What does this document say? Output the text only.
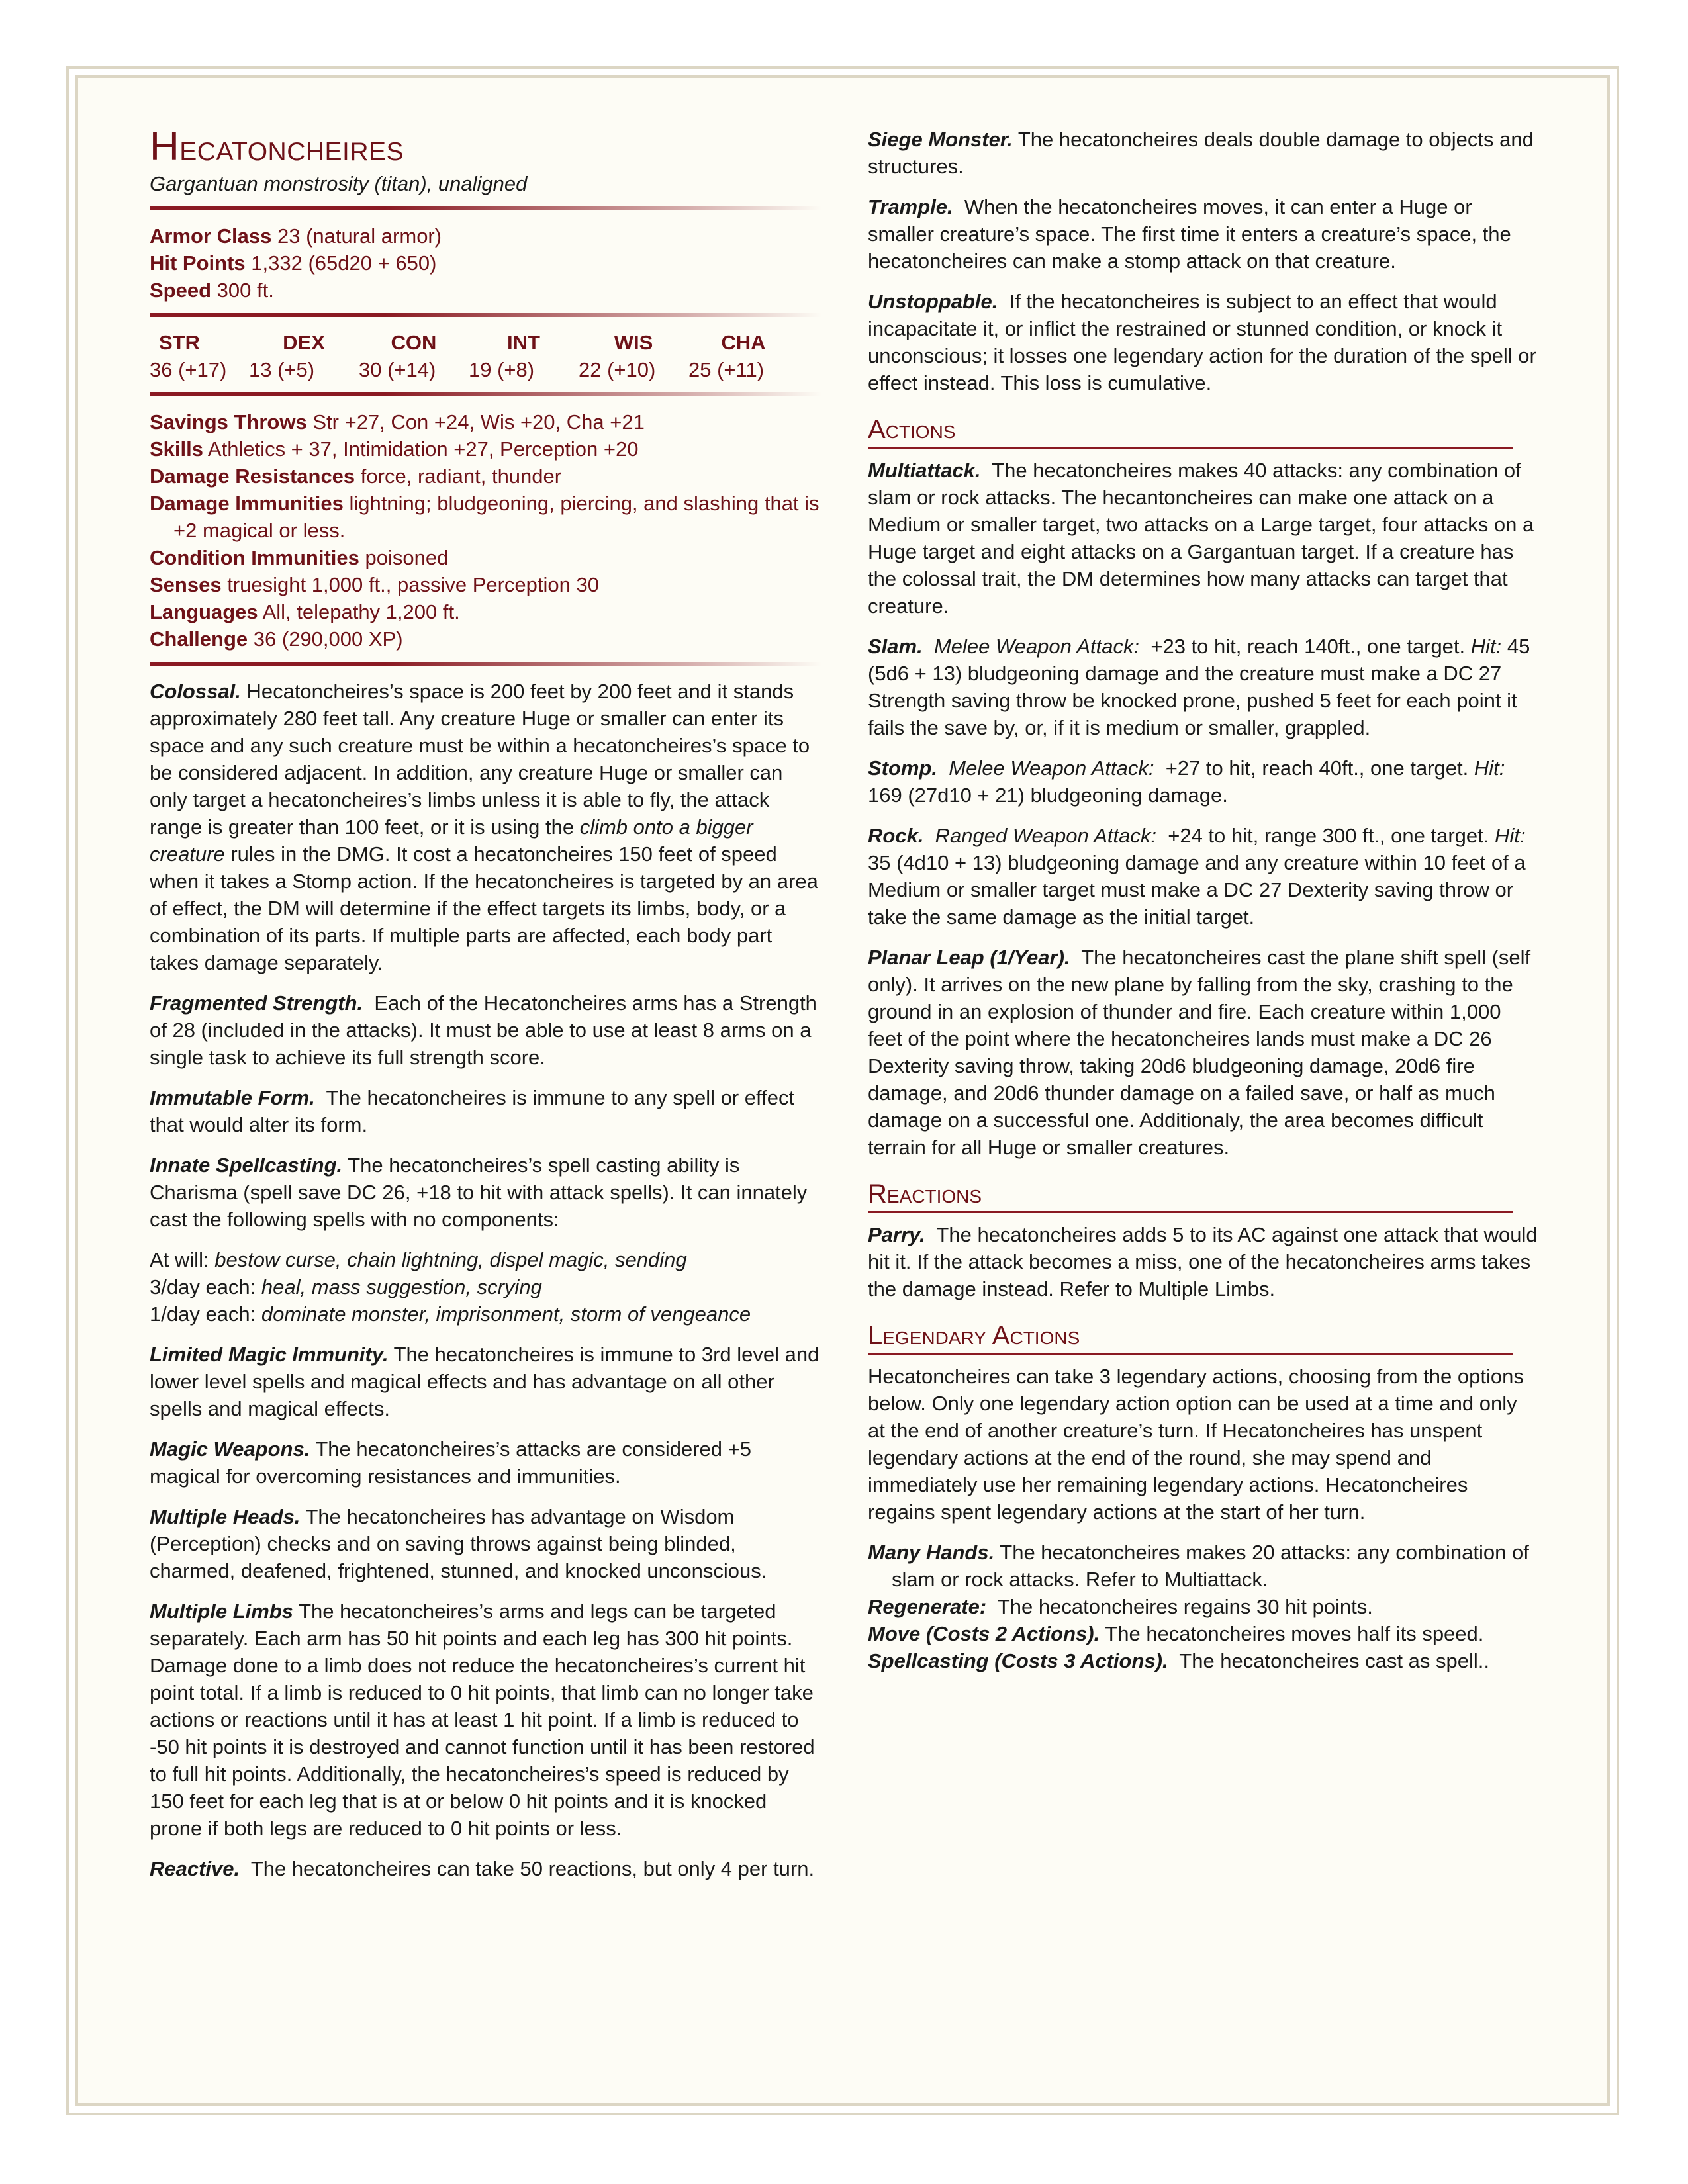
Hecatoncheires

Gargantuan monstrosity (titan), unaligned

Armor Class 23 (natural armor)

Hit Points 1,332 (65d20 + 650)

Speed 300 ft.

STR	DEX	CON	INT	WIS	CHA
36 (+17)	13 (+5)	30 (+14)	19 (+8)	22 (+10)	25 (+11)

Savings Throws Str +27, Con +24, Wis +20, Cha +21

Skills Athletics + 37, Intimidation +27, Perception +20

Damage Resistances force, radiant, thunder

Damage Immunities lightning; bludgeoning, piercing, and slashing that is +2 magical or less.

Condition Immunities poisoned

Senses truesight 1,000 ft., passive Perception 30

Languages All, telepathy 1,200 ft.

Challenge 36 (290,000 XP)

Colossal. Hecatoncheires’s space is 200 feet by 200 feet and it stands approximately 280 feet tall. Any creature Huge or smaller can enter its space and any such creature must be within a hecatoncheires’s space to be considered adjacent. In addition, any creature Huge or smaller can only target a hecatoncheires’s limbs unless it is able to fly, the attack range is greater than 100 feet, or it is using the climb onto a bigger creature rules in the DMG. It cost a hecatoncheires 150 feet of speed when it takes a Stomp action. If the hecatoncheires is targeted by an area of effect, the DM will determine if the effect targets its limbs, body, or a combination of its parts. If multiple parts are affected, each body part takes damage separately.

Fragmented Strength. Each of the Hecatoncheires arms has a Strength of 28 (included in the attacks). It must be able to use at least 8 arms on a single task to achieve its full strength score.

Immutable Form. The hecatoncheires is immune to any spell or effect that would alter its form.

Innate Spellcasting. The hecatoncheires’s spell casting ability is Charisma (spell save DC 26, +18 to hit with attack spells). It can innately cast the following spells with no components:

At will: bestow curse, chain lightning, dispel magic, sending

3/day each: heal, mass suggestion, scrying

1/day each: dominate monster, imprisonment, storm of vengeance

Limited Magic Immunity. The hecatoncheires is immune to 3rd level and lower level spells and magical effects and has advantage on all other spells and magical effects.

Magic Weapons. The hecatoncheires’s attacks are considered +5 magical for overcoming resistances and immunities.

Multiple Heads. The hecatoncheires has advantage on Wisdom (Perception) checks and on saving throws against being blinded, charmed, deafened, frightened, stunned, and knocked unconscious.

Multiple Limbs The hecatoncheires’s arms and legs can be targeted separately. Each arm has 50 hit points and each leg has 300 hit points. Damage done to a limb does not reduce the hecatoncheires’s current hit point total. If a limb is reduced to 0 hit points, that limb can no longer take actions or reactions until it has at least 1 hit point. If a limb is reduced to -50 hit points it is destroyed and cannot function until it has been restored to full hit points. Additionally, the hecatoncheires’s speed is reduced by 150 feet for each leg that is at or below 0 hit points and it is knocked prone if both legs are reduced to 0 hit points or less.

Reactive. The hecatoncheires can take 50 reactions, but only 4 per turn.

Siege Monster. The hecatoncheires deals double damage to objects and structures.

Trample. When the hecatoncheires moves, it can enter a Huge or smaller creature’s space. The first time it enters a creature’s space, the hecatoncheires can make a stomp attack on that creature.

Unstoppable. If the hecatoncheires is subject to an effect that would incapacitate it, or inflict the restrained or stunned condition, or knock it unconscious; it losses one legendary action for the duration of the spell or effect instead. This loss is cumulative.

Actions

Multiattack. The hecatoncheires makes 40 attacks: any combination of slam or rock attacks. The hecantoncheires can make one attack on a Medium or smaller target, two attacks on a Large target, four attacks on a Huge target and eight attacks on a Gargantuan target. If a creature has the colossal trait, the DM determines how many attacks can target that creature.

Slam. Melee Weapon Attack: +23 to hit, reach 140ft., one target. Hit: 45 (5d6 + 13) bludgeoning damage and the creature must make a DC 27 Strength saving throw be knocked prone, pushed 5 feet for each point it fails the save by, or, if it is medium or smaller, grappled.

Stomp. Melee Weapon Attack: +27 to hit, reach 40ft., one target. Hit: 169 (27d10 + 21) bludgeoning damage.

Rock. Ranged Weapon Attack: +24 to hit, range 300 ft., one target. Hit: 35 (4d10 + 13) bludgeoning damage and any creature within 10 feet of a Medium or smaller target must make a DC 27 Dexterity saving throw or take the same damage as the initial target.

Planar Leap (1/Year). The hecatoncheires cast the plane shift spell (self only). It arrives on the new plane by falling from the sky, crashing to the ground in an explosion of thunder and fire. Each creature within 1,000 feet of the point where the hecatoncheires lands must make a DC 26 Dexterity saving throw, taking 20d6 bludgeoning damage, 20d6 fire damage, and 20d6 thunder damage on a failed save, or half as much damage on a successful one. Additionaly, the area becomes difficult terrain for all Huge or smaller creatures.

Reactions

Parry. The hecatoncheires adds 5 to its AC against one attack that would hit it. If the attack becomes a miss, one of the hecatoncheires arms takes the damage instead. Refer to Multiple Limbs.

Legendary Actions

Hecatoncheires can take 3 legendary actions, choosing from the options below. Only one legendary action option can be used at a time and only at the end of another creature’s turn. If Hecatoncheires has unspent legendary actions at the end of the round, she may spend and immediately use her remaining legendary actions. Hecatoncheires regains spent legendary actions at the start of her turn.

Many Hands. The hecatoncheires makes 20 attacks: any combination of slam or rock attacks. Refer to Multiattack.

Regenerate: The hecatoncheires regains 30 hit points.

Move (Costs 2 Actions). The hecatoncheires moves half its speed.

Spellcasting (Costs 3 Actions). The hecatoncheires cast as spell..
